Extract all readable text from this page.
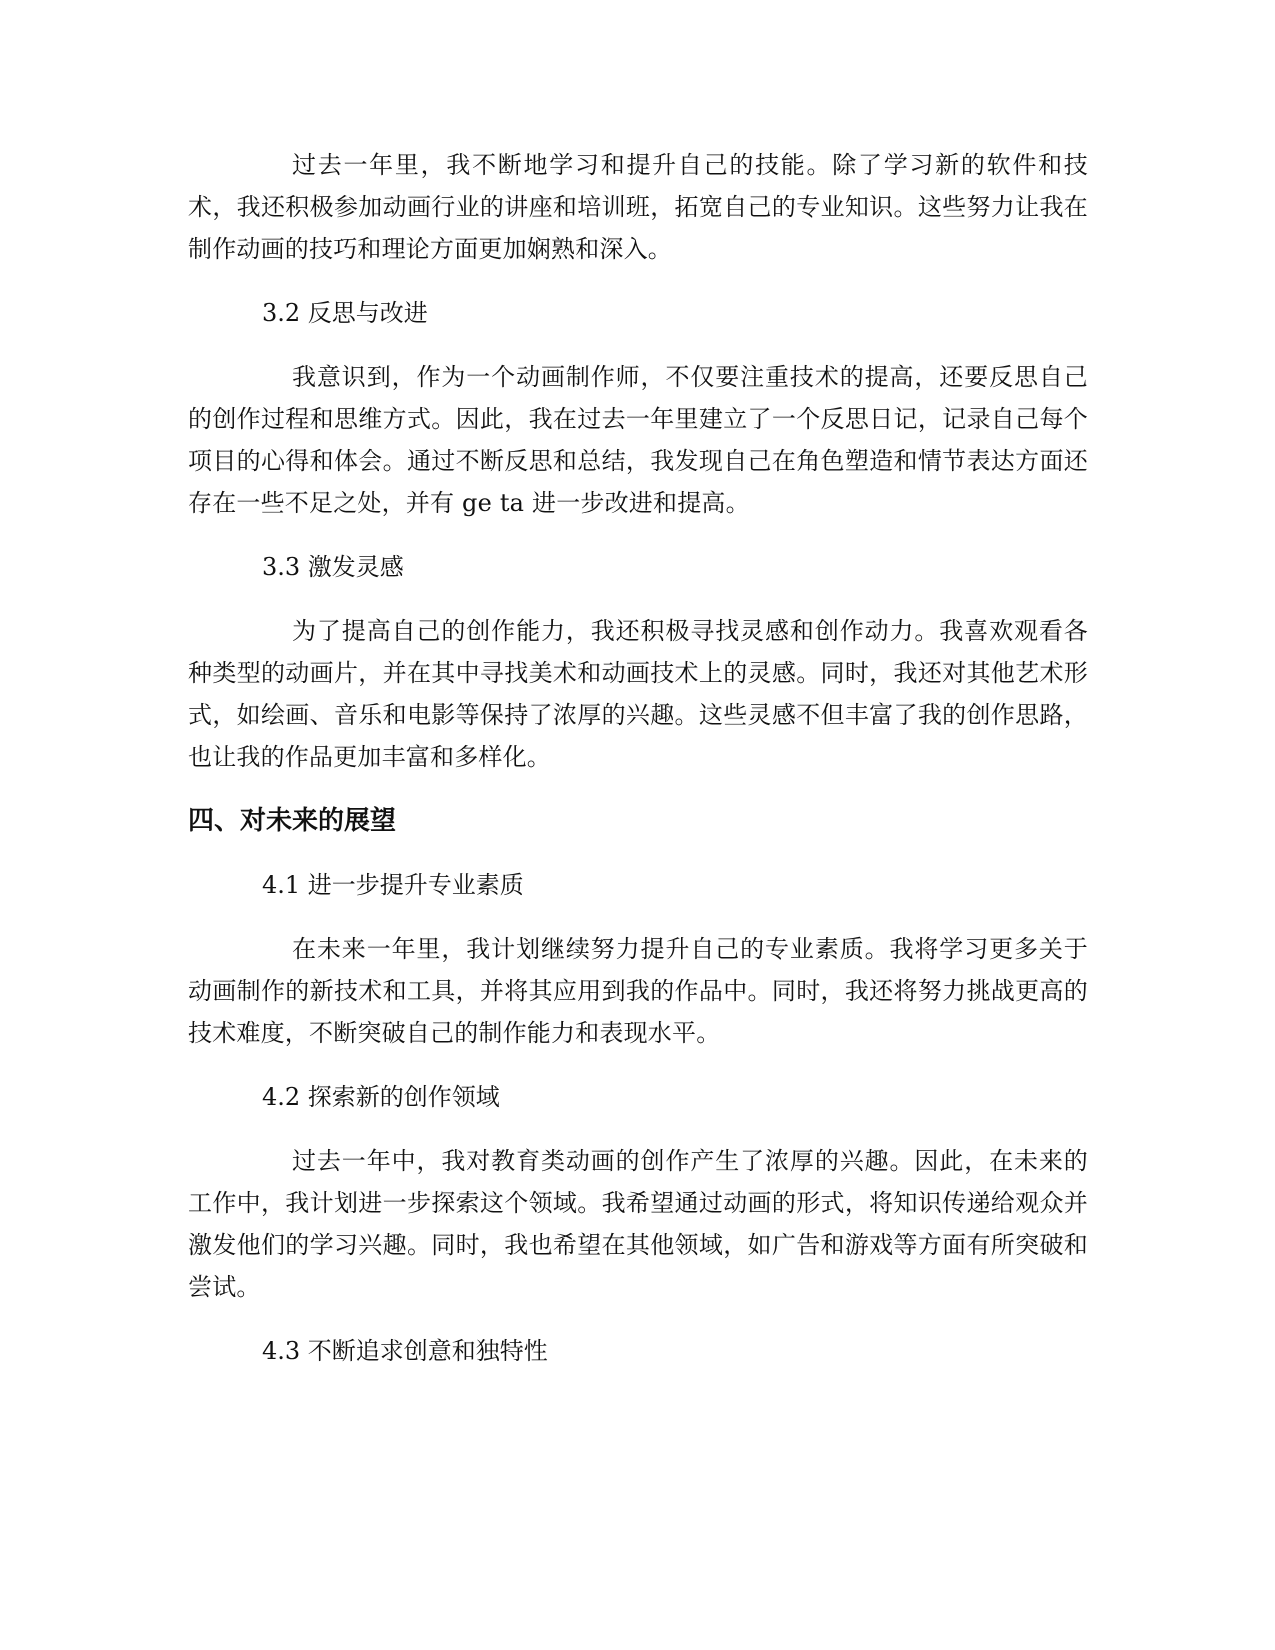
过去一年里，我不断地学习和提升自己的技能。除了学习新的软件和技术，我还积极参加动画行业的讲座和培训班，拓宽自己的专业知识。这些努力让我在制作动画的技巧和理论方面更加娴熟和深入。

3.2 反思与改进

我意识到，作为一个动画制作师，不仅要注重技术的提高，还要反思自己的创作过程和思维方式。因此，我在过去一年里建立了一个反思日记，记录自己每个项目的心得和体会。通过不断反思和总结，我发现自己在角色塑造和情节表达方面还存在一些不足之处，并有 ge ta 进一步改进和提高。

3.3 激发灵感

为了提高自己的创作能力，我还积极寻找灵感和创作动力。我喜欢观看各种类型的动画片，并在其中寻找美术和动画技术上的灵感。同时，我还对其他艺术形式，如绘画、音乐和电影等保持了浓厚的兴趣。这些灵感不但丰富了我的创作思路，也让我的作品更加丰富和多样化。

四、对未来的展望
4.1 进一步提升专业素质

在未来一年里，我计划继续努力提升自己的专业素质。我将学习更多关于动画制作的新技术和工具，并将其应用到我的作品中。同时，我还将努力挑战更高的技术难度，不断突破自己的制作能力和表现水平。

4.2 探索新的创作领域

过去一年中，我对教育类动画的创作产生了浓厚的兴趣。因此，在未来的工作中，我计划进一步探索这个领域。我希望通过动画的形式，将知识传递给观众并激发他们的学习兴趣。同时，我也希望在其他领域，如广告和游戏等方面有所突破和尝试。

4.3 不断追求创意和独特性
